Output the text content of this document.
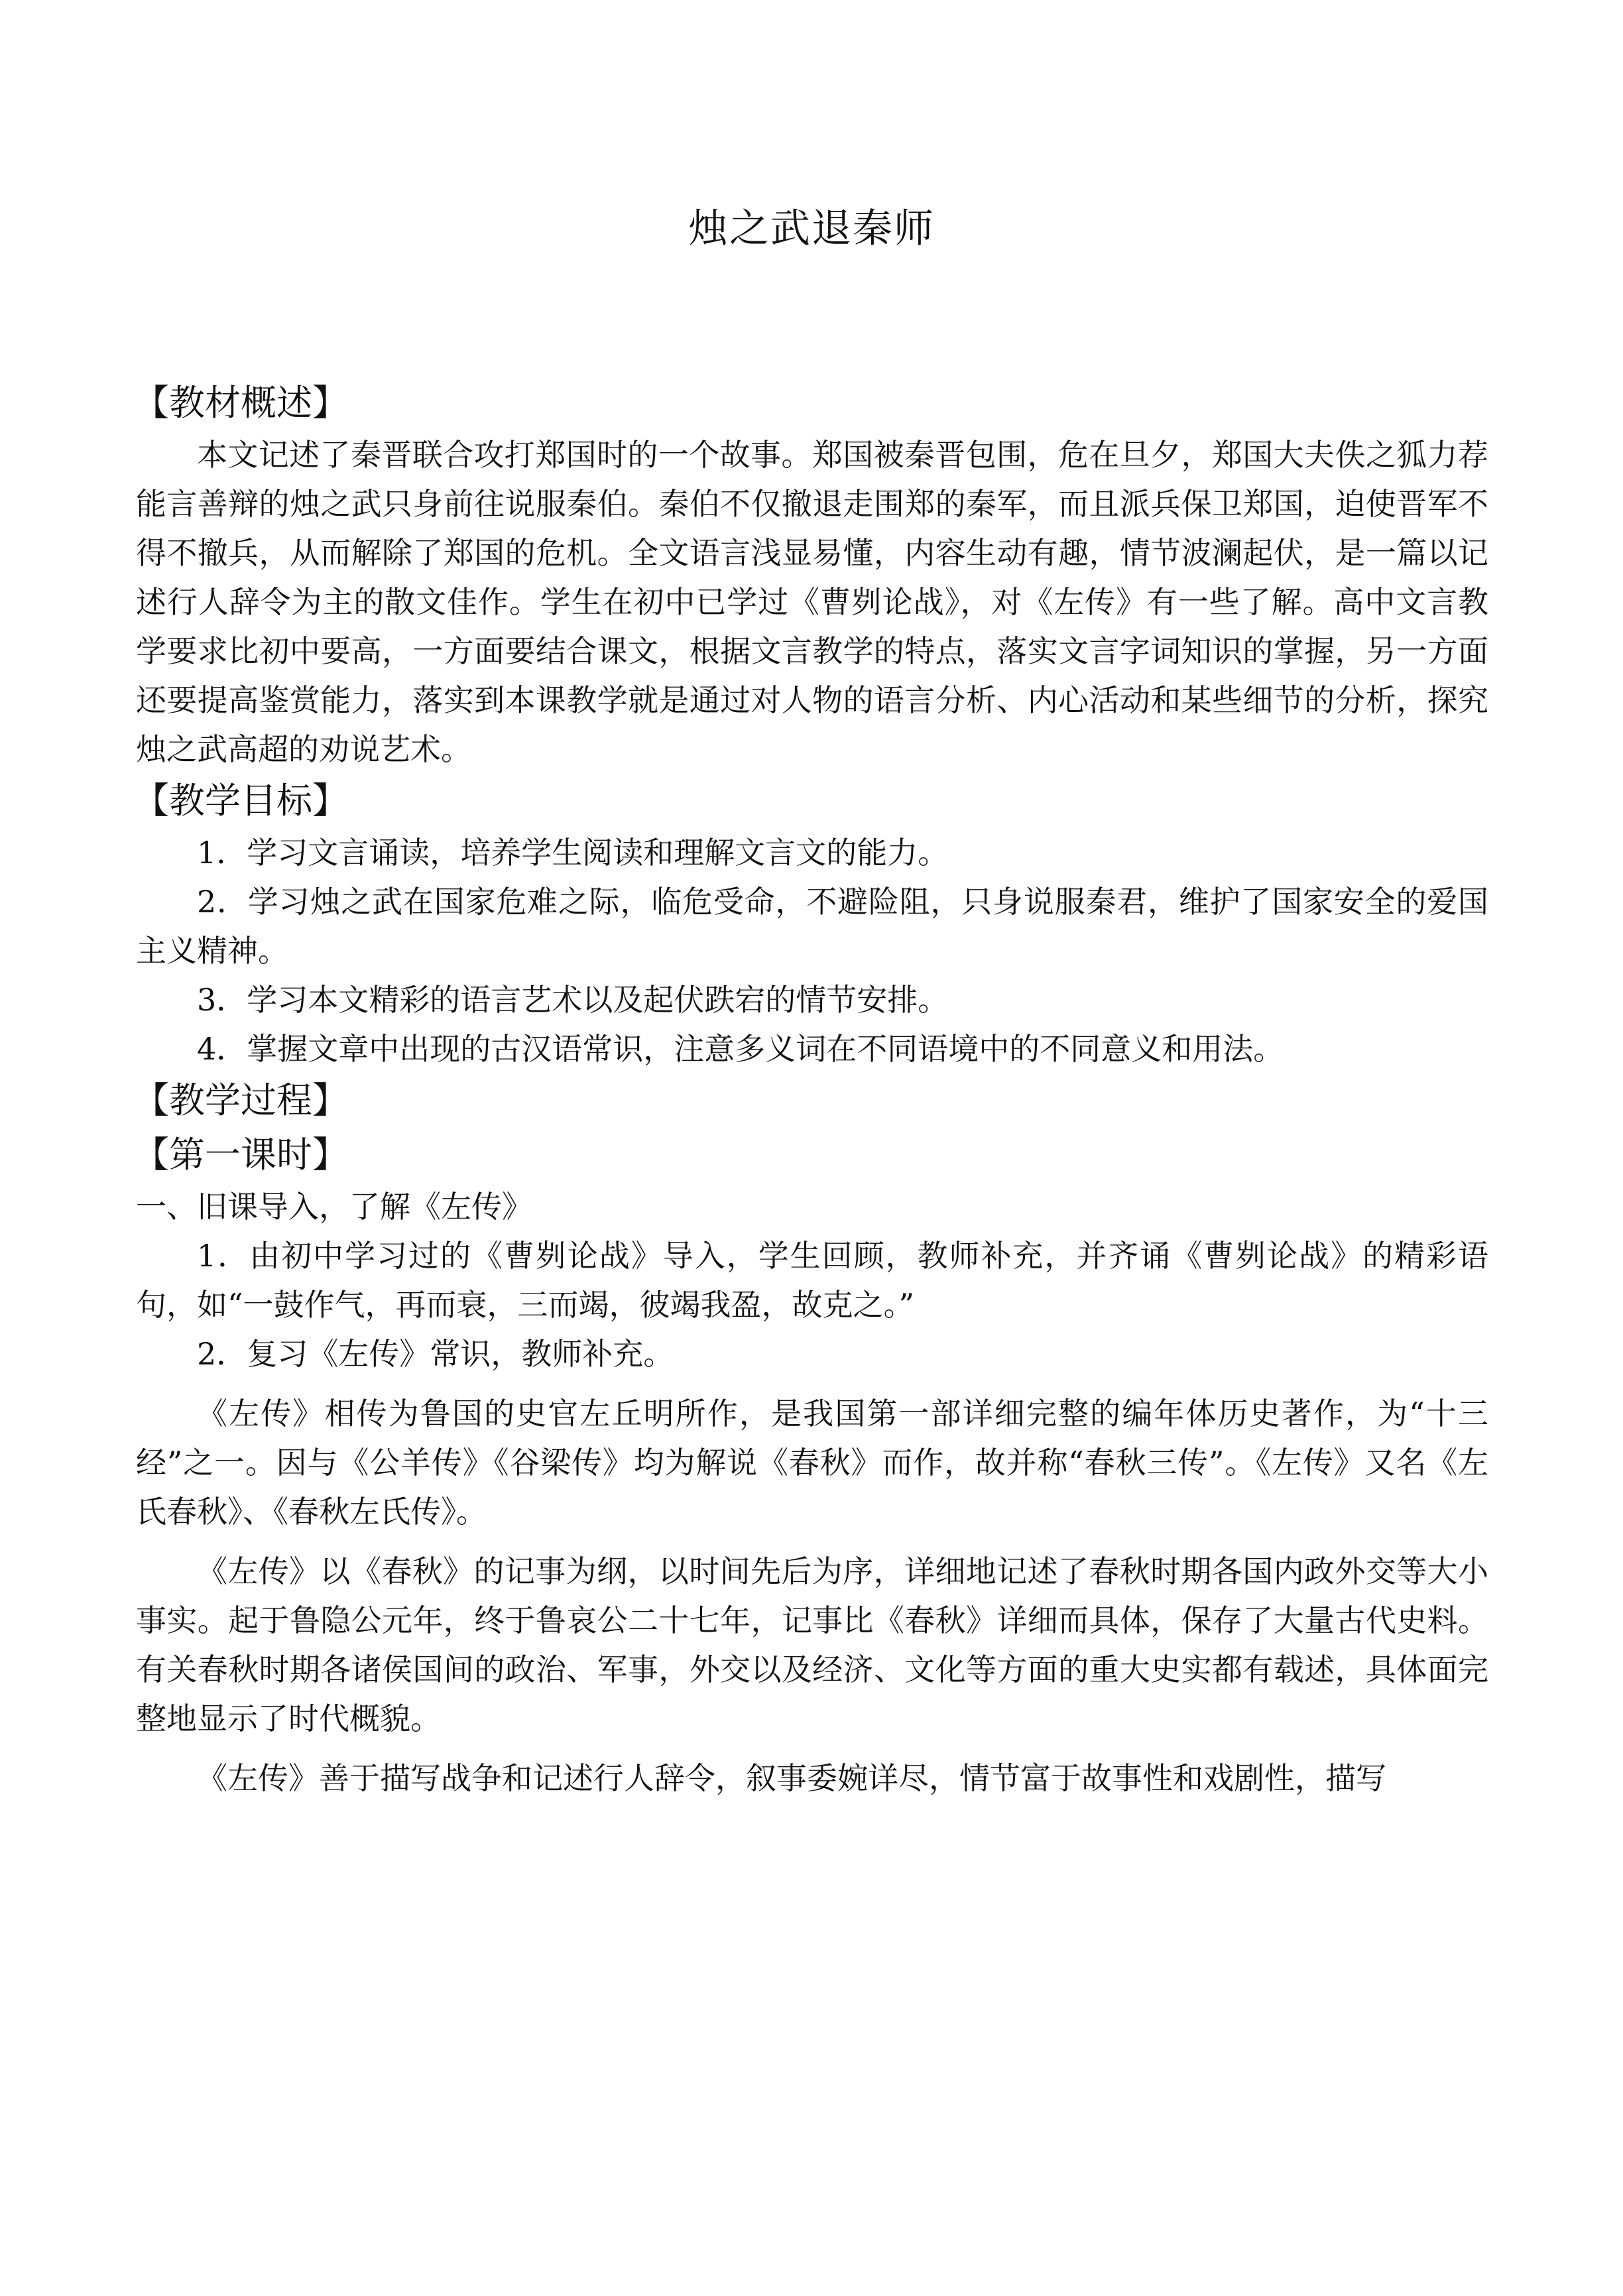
烛之武退秦师
【教材概述】

本文记述了秦晋联合攻打郑国时的一个故事。郑国被秦晋包围，危在旦夕，郑国大夫佚之狐力荐能言善辩的烛之武只身前往说服秦伯。秦伯不仅撤退走围郑的秦军，而且派兵保卫郑国，迫使晋军不得不撤兵，从而解除了郑国的危机。全文语言浅显易懂，内容生动有趣，情节波澜起伏，是一篇以记述行人辞令为主的散文佳作。学生在初中已学过《曹刿论战》，对《左传》有一些了解。高中文言教学要求比初中要高，一方面要结合课文，根据文言教学的特点，落实文言字词知识的掌握，另一方面还要提高鉴赏能力，落实到本课教学就是通过对人物的语言分析、内心活动和某些细节的分析，探究烛之武高超的劝说艺术。

【教学目标】

1．学习文言诵读，培养学生阅读和理解文言文的能力。

2．学习烛之武在国家危难之际，临危受命，不避险阻，只身说服秦君，维护了国家安全的爱国主义精神。

3．学习本文精彩的语言艺术以及起伏跌宕的情节安排。

4．掌握文章中出现的古汉语常识，注意多义词在不同语境中的不同意义和用法。

【教学过程】
【第一课时】

一、旧课导入，了解《左传》

1．由初中学习过的《曹刿论战》导入，学生回顾，教师补充，并齐诵《曹刿论战》的精彩语句，如“一鼓作气，再而衰，三而竭，彼竭我盈，故克之。”

2．复习《左传》常识，教师补充。

《左传》相传为鲁国的史官左丘明所作，是我国第一部详细完整的编年体历史著作，为“十三经”之一。因与《公羊传》《谷梁传》均为解说《春秋》而作，故并称“春秋三传”。《左传》又名《左氏春秋》、《春秋左氏传》。

《左传》以《春秋》的记事为纲，以时间先后为序，详细地记述了春秋时期各国内政外交等大小事实。起于鲁隐公元年，终于鲁哀公二十七年，记事比《春秋》详细而具体，保存了大量古代史料。有关春秋时期各诸侯国间的政治、军事，外交以及经济、文化等方面的重大史实都有载述，具体面完整地显示了时代概貌。

《左传》善于描写战争和记述行人辞令，叙事委婉详尽，情节富于故事性和戏剧性，描写
